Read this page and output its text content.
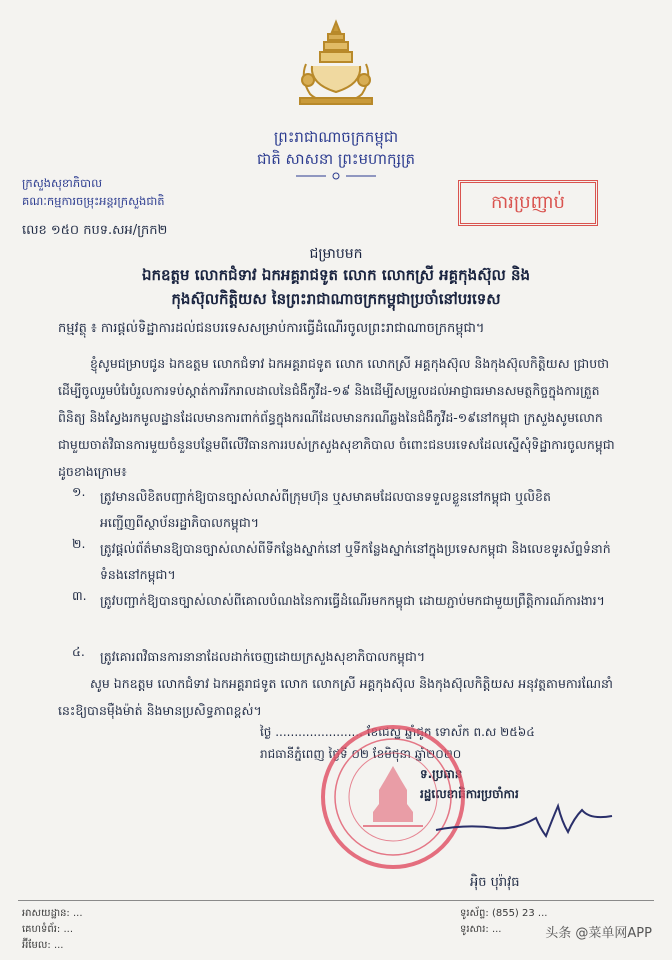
ព្រះរាជាណាចក្រកម្ពុជា
ជាតិ សាសនា ព្រះមហាក្សត្រ
ក្រសួងសុខាភិបាល
គណៈកម្មការចម្រុះអន្តរក្រសួងជាតិ	ការប្រញាប់
លេខ ១៥០ កបទ.សអ/ក្រក២
ជម្រាបមក
ឯកឧត្តម លោកជំទាវ ឯកអគ្គរាជទូត លោក លោកស្រី អគ្គកុងស៊ុល និង
កុងស៊ុលកិត្តិយស នៃព្រះរាជាណាចក្រកម្ពុជាប្រចាំនៅបរទេស
កម្មវត្ថុ ៖ ការផ្តល់ទិដ្ឋាការដល់ជនបរទេសសម្រាប់ការធ្វើដំណើរចូលព្រះរាជាណាចក្រកម្ពុជា។
ខ្ញុំសូមជម្រាបជូន ឯកឧត្តម លោកជំទាវ ឯកអគ្គរាជទូត លោក លោកស្រី អគ្គកុងស៊ុល និងកុងស៊ុលកិត្តិយស ជ្រាបថា ដើម្បីចូលរួមបំរែបំរួលការទប់ស្កាត់ការរីករាលដាលនៃជំងឺកូវីដ-១៩ និងដើម្បីសម្រួលដល់អាជ្ញាធរមានសមត្ថកិច្ចក្នុងការត្រួតពិនិត្យ និងស្វែងរកមូលដ្ឋានដែលមានការពាក់ព័ន្ធក្នុងករណីដែលមានករណីឆ្លងនៃជំងឺកូវីដ-១៩នៅកម្ពុជា ក្រសួងសូមលោកជាមួយចាត់វិធានការមួយចំនួនបន្ថែមពីលើវិធានការរបស់ក្រសួងសុខាភិបាល ចំពោះជនបរទេសដែលស្នើសុំទិដ្ឋាការចូលកម្ពុជា ដូចខាងក្រោម៖
១. ត្រូវមានលិខិតបញ្ជាក់ឱ្យបានច្បាស់លាស់ពីក្រុមហ៊ុន ឬសមាគមដែលបានទទួលខ្លួននៅកម្ពុជា ឬលិខិតអញ្ជើញពីស្ថាប័នរដ្ឋាភិបាលកម្ពុជា។
២. ត្រូវផ្តល់ព័ត៌មានឱ្យបានច្បាស់លាស់ពីទីកន្លែងស្នាក់នៅ ឬទីកន្លែងស្នាក់នៅក្នុងប្រទេសកម្ពុជា និងលេខទូរស័ព្ទទំនាក់ទំនងនៅកម្ពុជា។
៣. ត្រូវបញ្ជាក់ឱ្យបានច្បាស់លាស់ពីគោលបំណងនៃការធ្វើដំណើរមកកម្ពុជា ដោយភ្ជាប់មកជាមួយព្រឹត្តិការណ៍ការងារ។
៤. ត្រូវគោរពវិធានការនានាដែលដាក់ចេញដោយក្រសួងសុខាភិបាលកម្ពុជា។
សូម ឯកឧត្តម លោកជំទាវ ឯកអគ្គរាជទូត លោក លោកស្រី អគ្គកុងស៊ុល និងកុងស៊ុលកិត្តិយស អនុវត្តតាមការណែនាំនេះឱ្យបានម៉ឺងម៉ាត់ និងមានប្រសិទ្ធភាពខ្ពស់។
ថ្ងៃ ....................... ខែជេស្ឋ ឆ្នាំជូត ទោស័ក ព.ស ២៥៦៤
រាជធានីភ្នំពេញ ថ្ងៃទី ០២ ខែមិថុនា ឆ្នាំ២០២០
ទ.ប្រធាន
រដ្ឋលេខាធិការប្រចាំការ
អុិច បុរ៉ាវុធ
អាសយដ្ឋាន: ...
គេហទំព័រ: ...
អ៊ីមែល: ...
ទូរស័ព្ទ: (855) 23 ...
ទូរសារ: ...	头条 @菜单网APP
